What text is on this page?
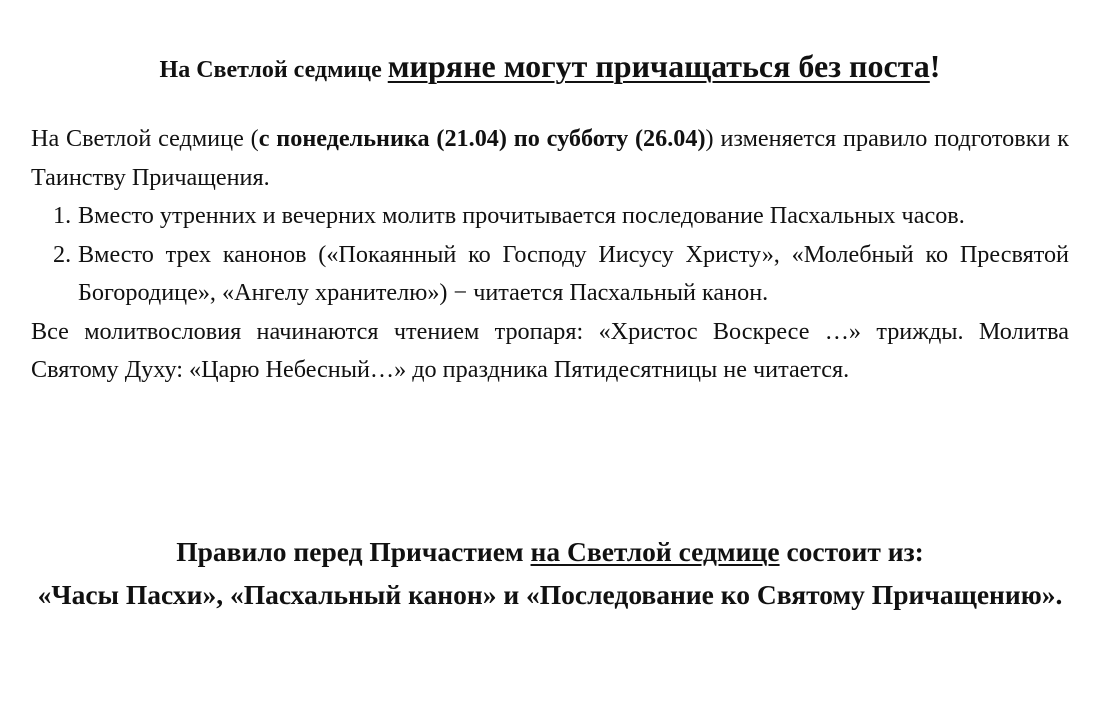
На Светлой седмице миряне могут причащаться без поста!

На Светлой седмице (с понедельника (21.04) по субботу (26.04)) изменяется правило подготовки к Таинству Причащения.

1. Вместо утренних и вечерних молитв прочитывается последование Пасхальных часов.
2. Вместо трех канонов («Покаянный ко Господу Иисусу Христу», «Молебный ко Пресвятой Богородице», «Ангелу хранителю») − читается Пасхальный канон.

Все молитвословия начинаются чтением тропаря: «Христос Воскресе …» трижды. Молитва Святому Духу: «Царю Небесный…» до праздника Пятидесятницы не читается.

Правило перед Причастием на Светлой седмице состоит из:
«Часы Пасхи», «Пасхальный канон» и «Последование ко Святому Причащению».
